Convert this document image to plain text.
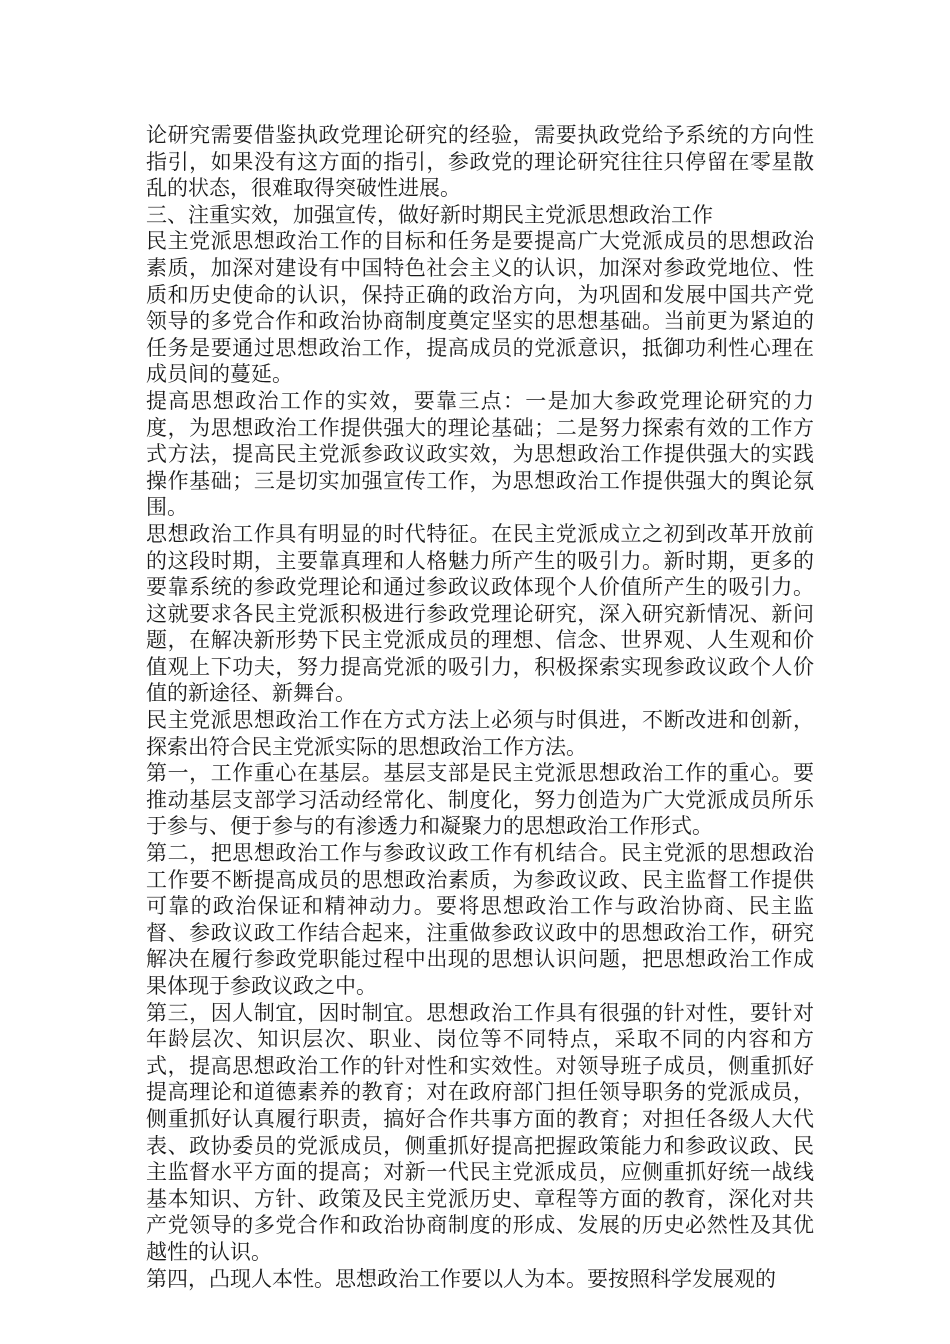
论研究需要借鉴执政党理论研究的经验，需要执政党给予系统的方向性指引，如果没有这方面的指引，参政党的理论研究往往只停留在零星散乱的状态，很难取得突破性进展。

三、注重实效，加强宣传，做好新时期民主党派思想政治工作

民主党派思想政治工作的目标和任务是要提高广大党派成员的思想政治素质，加深对建设有中国特色社会主义的认识，加深对参政党地位、性质和历史使命的认识，保持正确的政治方向，为巩固和发展中国共产党领导的多党合作和政治协商制度奠定坚实的思想基础。当前更为紧迫的任务是要通过思想政治工作，提高成员的党派意识，抵御功利性心理在成员间的蔓延。

提高思想政治工作的实效，要靠三点：一是加大参政党理论研究的力度，为思想政治工作提供强大的理论基础；二是努力探索有效的工作方式方法，提高民主党派参政议政实效，为思想政治工作提供强大的实践操作基础；三是切实加强宣传工作，为思想政治工作提供强大的舆论氛围。

思想政治工作具有明显的时代特征。在民主党派成立之初到改革开放前的这段时期，主要靠真理和人格魅力所产生的吸引力。新时期，更多的要靠系统的参政党理论和通过参政议政体现个人价值所产生的吸引力。这就要求各民主党派积极进行参政党理论研究，深入研究新情况、新问题，在解决新形势下民主党派成员的理想、信念、世界观、人生观和价值观上下功夫，努力提高党派的吸引力，积极探索实现参政议政个人价值的新途径、新舞台。

民主党派思想政治工作在方式方法上必须与时俱进，不断改进和创新，探索出符合民主党派实际的思想政治工作方法。

第一，工作重心在基层。基层支部是民主党派思想政治工作的重心。要推动基层支部学习活动经常化、制度化，努力创造为广大党派成员所乐于参与、便于参与的有渗透力和凝聚力的思想政治工作形式。

第二，把思想政治工作与参政议政工作有机结合。民主党派的思想政治工作要不断提高成员的思想政治素质，为参政议政、民主监督工作提供可靠的政治保证和精神动力。要将思想政治工作与政治协商、民主监督、参政议政工作结合起来，注重做参政议政中的思想政治工作，研究解决在履行参政党职能过程中出现的思想认识问题，把思想政治工作成果体现于参政议政之中。

第三，因人制宜，因时制宜。思想政治工作具有很强的针对性，要针对年龄层次、知识层次、职业、岗位等不同特点，采取不同的内容和方式，提高思想政治工作的针对性和实效性。对领导班子成员，侧重抓好提高理论和道德素养的教育；对在政府部门担任领导职务的党派成员，侧重抓好认真履行职责，搞好合作共事方面的教育；对担任各级人大代表、政协委员的党派成员，侧重抓好提高把握政策能力和参政议政、民主监督水平方面的提高；对新一代民主党派成员，应侧重抓好统一战线基本知识、方针、政策及民主党派历史、章程等方面的教育，深化对共产党领导的多党合作和政治协商制度的形成、发展的历史必然性及其优越性的认识。

第四，凸现人本性。思想政治工作要以人为本。要按照科学发展观的
